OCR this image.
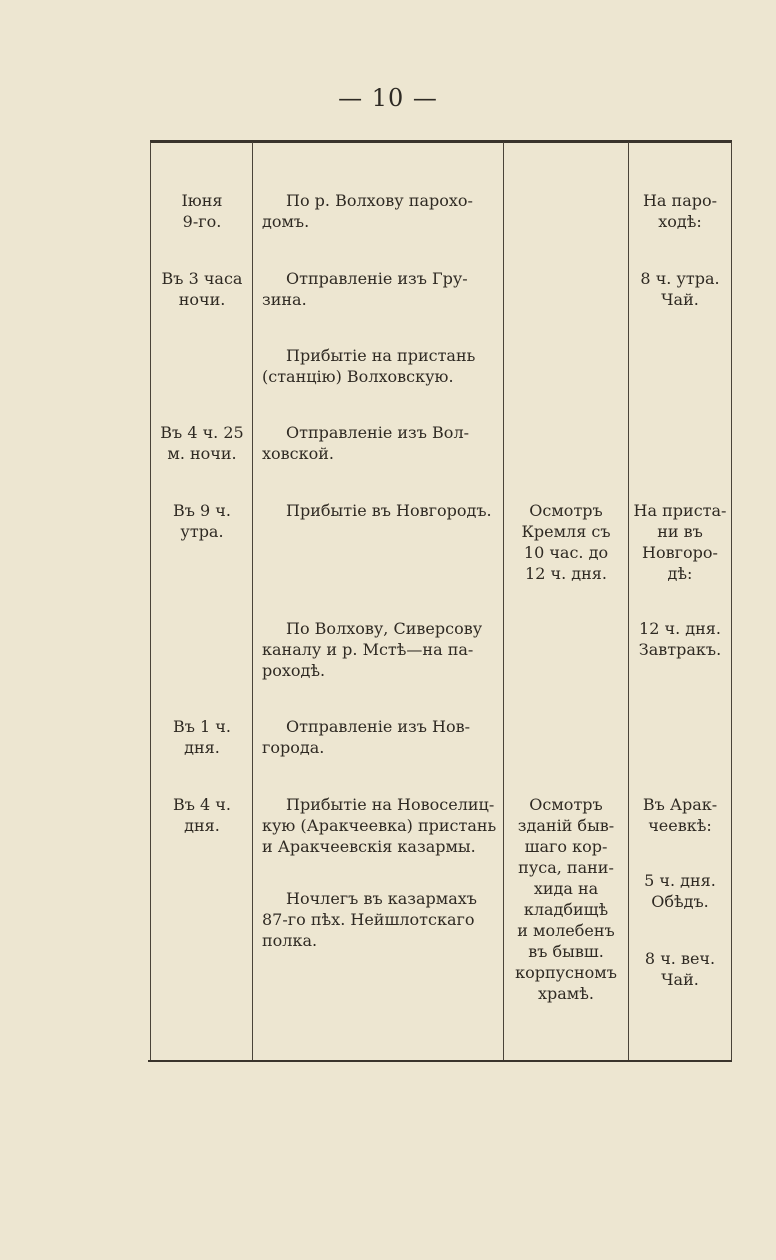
— 10 —
Іюня
9-го.
По р. Волхову парохо-
домъ.
На паро-
ходѣ:
Въ 3 часа
ночи.
Отправленіе изъ Гру-
зина.
8 ч. утра.
Чай.
Прибытіе на пристань
(станцію) Волховскую.
Въ 4 ч. 25
м. ночи.
Отправленіе изъ Вол-
ховской.
Въ 9 ч.
утра.
Прибытіе въ Новгородъ.	Осмотръ
Кремля съ
10 час. до
12 ч. дня.
На приста-
ни въ
Новгоро-
дѣ:
По Волхову, Сиверсову
каналу и р. Мстѣ—на па-
роходѣ.
12 ч. дня.
Завтракъ.
Въ 1 ч.
дня.
Отправленіе изъ Нов-
города.
Въ 4 ч.
дня.
Прибытіе на Новоселиц-
кую (Аракчеевка) пристань
и Аракчеевскія казармы.
Осмотръ
зданій быв-
шаго кор-
пуса, пани-
хида на
кладбищѣ
и молебенъ
въ бывш.
корпусномъ
храмѣ.
Въ Арак-
чеевкѣ:
Ночлегъ въ казармахъ
87-го пѣх. Нейшлотскаго
полка.
5 ч. дня.
Обѣдъ.
8 ч. веч.
Чай.
